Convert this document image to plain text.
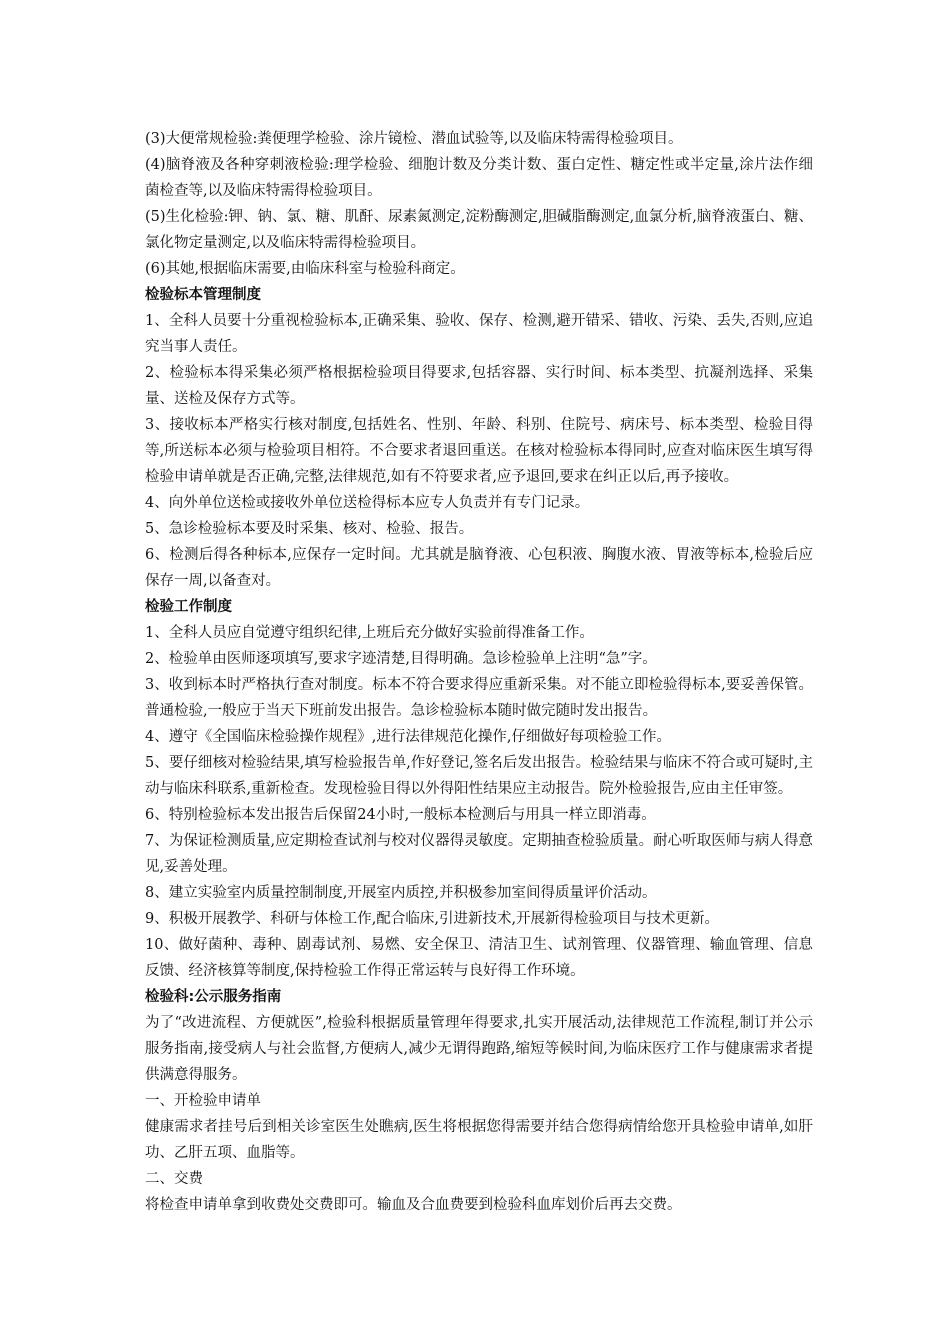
(3)大便常规检验:粪便理学检验、涂片镜检、潜血试验等,以及临床特需得检验项目。

(4)脑脊液及各种穿刺液检验:理学检验、细胞计数及分类计数、蛋白定性、糖定性或半定量,涂片法作细菌检查等,以及临床特需得检验项目。

(5)生化检验:钾、钠、氯、糖、肌酐、尿素氮测定,淀粉酶测定,胆碱脂酶测定,血氯分析,脑脊液蛋白、糖、氯化物定量测定,以及临床特需得检验项目。

(6)其她,根据临床需要,由临床科室与检验科商定。

检验标本管理制度

1、全科人员要十分重视检验标本,正确采集、验收、保存、检测,避开错采、错收、污染、丢失,否则,应追究当事人责任。

2、检验标本得采集必须严格根据检验项目得要求,包括容器、实行时间、标本类型、抗凝剂选择、采集量、送检及保存方式等。

3、接收标本严格实行核对制度,包括姓名、性别、年龄、科别、住院号、病床号、标本类型、检验目得等,所送标本必须与检验项目相符。不合要求者退回重送。在核对检验标本得同时,应查对临床医生填写得检验申请单就是否正确,完整,法律规范,如有不符要求者,应予退回,要求在纠正以后,再予接收。

4、向外单位送检或接收外单位送检得标本应专人负责并有专门记录。

5、急诊检验标本要及时采集、核对、检验、报告。

6、检测后得各种标本,应保存一定时间。尤其就是脑脊液、心包积液、胸腹水液、胃液等标本,检验后应保存一周,以备查对。

检验工作制度

1、全科人员应自觉遵守组织纪律,上班后充分做好实验前得准备工作。

2、检验单由医师逐项填写,要求字迹清楚,目得明确。急诊检验单上注明“急”字。

3、收到标本时严格执行查对制度。标本不符合要求得应重新采集。对不能立即检验得标本,要妥善保管。普通检验,一般应于当天下班前发出报告。急诊检验标本随时做完随时发出报告。

4、遵守《全国临床检验操作规程》,进行法律规范化操作,仔细做好每项检验工作。

5、要仔细核对检验结果,填写检验报告单,作好登记,签名后发出报告。检验结果与临床不符合或可疑时,主动与临床科联系,重新检查。发现检验目得以外得阳性结果应主动报告。院外检验报告,应由主任审签。

6、特别检验标本发出报告后保留24小时,一般标本检测后与用具一样立即消毒。

7、为保证检测质量,应定期检查试剂与校对仪器得灵敏度。定期抽查检验质量。耐心听取医师与病人得意见,妥善处理。

8、建立实验室内质量控制制度,开展室内质控,并积极参加室间得质量评价活动。

9、积极开展教学、科研与体检工作,配合临床,引进新技术,开展新得检验项目与技术更新。

10、做好菌种、毒种、剧毒试剂、易燃、安全保卫、清洁卫生、试剂管理、仪器管理、输血管理、信息反馈、经济核算等制度,保持检验工作得正常运转与良好得工作环境。

检验科:公示服务指南

为了“改进流程、方便就医”,检验科根据质量管理年得要求,扎实开展活动,法律规范工作流程,制订并公示服务指南,接受病人与社会监督,方便病人,减少无谓得跑路,缩短等候时间,为临床医疗工作与健康需求者提供满意得服务。

一、开检验申请单

健康需求者挂号后到相关诊室医生处瞧病,医生将根据您得需要并结合您得病情给您开具检验申请单,如肝功、乙肝五项、血脂等。

二、交费

将检查申请单拿到收费处交费即可。输血及合血费要到检验科血库划价后再去交费。
